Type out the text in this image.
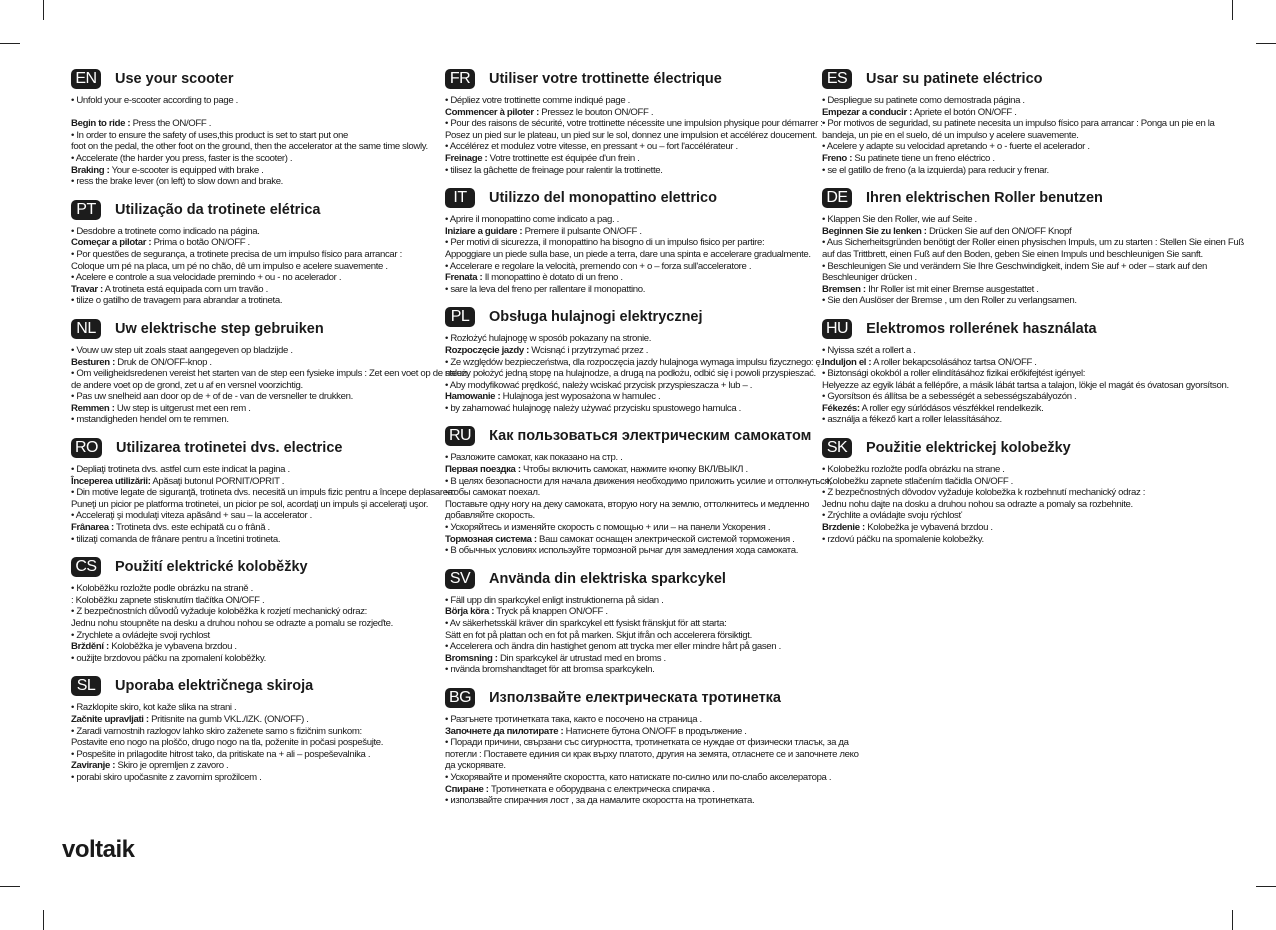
EN	Use your scooter
• Unfold your e-scooter according to page .
Begin to ride : Press the ON/OFF .
• In order to ensure the safety of uses,this product is set to start put one
foot on the pedal, the other foot on the ground, then the accelerator at the same time slowly.
• Accelerate (the harder you press, faster is the scooter) .
Braking : Your e-scooter is equipped with brake .
• ress the brake lever (on left) to slow down and brake.
PT	Utilização da trotinete elétrica
• Desdobre a trotinete como indicado na página.
Começar a pilotar : Prima o botão ON/OFF .
• Por questões de segurança, a trotinete precisa de um impulso físico para arrancar :
Coloque um pé na placa, um pé no chão, dê um impulso e acelere suavemente .
• Acelere e controle a sua velocidade premindo + ou - no acelerador .
Travar : A trotineta está equipada com um travão .
• tilize o gatilho de travagem para abrandar a trotineta.
NL	Uw elektrische step gebruiken
• Vouw uw step uit zoals staat aangegeven op bladzijde .
Besturen : Druk de ON/OFF-knop .
• Om veiligheidsredenen vereist het starten van de step een fysieke impuls : Zet een voet op de steun,
de andere voet op de grond, zet u af en versnel voorzichtig.
• Pas uw snelheid aan door op de + of de - van de versneller te drukken.
Remmen : Uw step is uitgerust met een rem .
• mstandigheden hendel om te remmen.
RO Utilizarea trotinetei dvs. electrice
• Depliaţi trotineta dvs. astfel cum este indicat la pagina .
Începerea utilizării: Apăsaţi butonul PORNIT/OPRIT .
• Din motive legate de siguranţă, trotineta dvs. necesită un impuls fizic pentru a începe deplasarea:
Puneţi un picior pe platforma trotinetei, un picior pe sol, acordaţi un impuls şi acceleraţi uşor.
• Acceleraţi şi modulaţi viteza apăsând + sau – la accelerator .
Frânarea : Trotineta dvs. este echipată cu o frână .
• tilizaţi comanda de frânare pentru a încetini trotineta.
CS	Použití elektrické koloběžky
• Koloběžku rozložte podle obrázku na straně .
: Koloběžku zapnete stisknutím tlačítka ON/OFF .
• Z bezpečnostních důvodů vyžaduje koloběžka k rozjetí mechanický odraz:
Jednu nohu stoupněte na desku a druhou nohou se odrazte a pomalu se rozjeďte.
• Zrychlete a ovládejte svoji rychlost
Brždění : Koloběžka je vybavena brzdou .
• oužijte brzdovou páčku na zpomalení koloběžky.
SL	Uporaba električnega skiroja
• Razklopite skiro, kot kaže slika na strani .
Začnite upravljati : Pritisnite na gumb VKL./IZK. (ON/OFF) .
• Zaradi varnostnih razlogov lahko skiro zaženete samo s fizičnim sunkom:
Postavite eno nogo na ploščo, drugo nogo na tla, poženite in počasi pospešujte.
• Pospešite in prilagodite hitrost tako, da pritiskate na + ali – pospeševalnika .
Zaviranje : Skiro je opremljen z zavoro .
• porabi skiro upočasnite z zavornim sprožilcem .
FR	Utiliser votre trottinette électrique
• Dépliez votre trottinette comme indiqué page .
Commencer à piloter : Pressez le bouton ON/OFF .
• Pour des raisons de sécurité, votre trottinette nécessite une impulsion physique pour démarrer :
Posez un pied sur le plateau, un pied sur le sol, donnez une impulsion et accélérez doucement.
• Accélérez et modulez votre vitesse, en pressant + ou – fort l'accélérateur .
Freinage : Votre trottinette est équipée d'un frein .
• tilisez la gâchette de freinage pour ralentir la trottinette.
IT	Utilizzo del monopattino elettrico
• Aprire il monopattino come indicato a pag. .
Iniziare a guidare : Premere il pulsante ON/OFF .
• Per motivi di sicurezza, il monopattino ha bisogno di un impulso fisico per partire:
Appoggiare un piede sulla base, un piede a terra, dare una spinta e accelerare gradualmente.
• Accelerare e regolare la velocità, premendo con + o – forza sull'acceleratore .
Frenata : Il monopattino è dotato di un freno .
• sare la leva del freno per rallentare il monopattino.
PL	Obsługa hulajnogi elektrycznej
• Rozłożyć hulajnogę w sposób pokazany na stronie.
Rozpoczęcie jazdy : Wcisnąć i przytrzymać przez .
• Ze względów bezpieczeństwa, dla rozpoczęcia jazdy hulajnoga wymaga impulsu fizycznego: ę.
należy położyć jedną stopę na hulajnodze, a drugą na podłożu, odbić się i powoli przyspieszać.
• Aby modyfikować prędkość, należy wciskać przycisk przyspieszacza + lub – .
Hamowanie : Hulajnoga jest wyposażona w hamulec .
• by zahamować hulajnogę należy używać przycisku spustowego hamulca .
RU Как пользоваться электрическим самокатом
• Разложите самокат, как показано на стр. .
Первая поездка : Чтобы включить самокат, нажмите кнопку ВКЛ/ВЫКЛ .
• В целях безопасности для начала движения необходимо приложить усилие и оттолкнуться,
чтобы самокат поехал.
Поставьте одну ногу на деку самоката, вторую ногу на землю, оттолкнитесь и медленно
добавляйте скорость.
• Ускоряйтесь и изменяйте скорость с помощью + или – на панели Ускорения .
Тормозная система : Ваш самокат оснащен электрической системой торможения .
• В обычных условиях используйте тормозной рычаг для замедления хода самоката.
SV	Använda din elektriska sparkcykel
• Fäll upp din sparkcykel enligt instruktionerna på sidan .
Börja köra : Tryck på knappen ON/OFF .
• Av säkerhetsskäl kräver din sparkcykel ett fysiskt fränskjut för att starta:
Sätt en fot på plattan och en fot på marken. Skjut ifrån och accelerera försiktigt.
• Accelerera och ändra din hastighet genom att trycka mer eller mindre hårt på gasen .
Bromsning : Din sparkcykel är utrustad med en broms .
• nvända bromshandtaget för att bromsa sparkcykeln.
BG Използвайте електрическата тротинетка
• Разгънете тротинетката така, както е посочено на страница .
Започнете да пилотирате : Натиснете бутона ON/OFF в продължение .
• Поради причини, свързани със сигурността, тротинетката се нуждае от физически тласък, за да
потегли : Поставете единия си крак върху платото, другия на земята, отласнете се и започнете леко
да ускорявате.
• Ускорявайте и променяйте скоростта, като натискате по-силно или по-слабо акселератора .
Спиране : Тротинетката е оборудвана с електрическа спирачка .
• използвайте спирачния лост , за да намалите скоростта на тротинетката.
ES	Usar su patinete eléctrico
• Despliegue su patinete como demostrada página .
Empezar a conducir : Apriete el botón ON/OFF .
• Por motivos de seguridad, su patinete necesita un impulso físico para arrancar : Ponga un pie en la
bandeja, un pie en el suelo, dé un impulso y acelere suavemente.
• Acelere y adapte su velocidad apretando + o - fuerte el acelerador .
Freno : Su patinete tiene un freno eléctrico .
• se el gatillo de freno (a la izquierda) para reducir y frenar.
DE	Ihren elektrischen Roller benutzen
• Klappen Sie den Roller, wie auf Seite .
Beginnen Sie zu lenken : Drücken Sie auf den ON/OFF Knopf
• Aus Sicherheitsgründen benötigt der Roller einen physischen Impuls, um zu starten : Stellen Sie einen Fuß
auf das Trittbrett, einen Fuß auf den Boden, geben Sie einen Impuls und beschleunigen Sie sanft.
• Beschleunigen Sie und verändern Sie Ihre Geschwindigkeit, indem Sie auf + oder – stark auf den
Beschleuniger drücken .
Bremsen : Ihr Roller ist mit einer Bremse ausgestattet .
• Sie den Auslöser der Bremse , um den Roller zu verlangsamen.
HU Elektromos rollerének használata
• Nyissa szét a rollert a .
Induljon el : A roller bekapcsolásához tartsa ON/OFF .
• Biztonsági okokból a roller elindításához fizikai erőkifejtést igényel:
Helyezze az egyik lábát a fellépőre, a másik lábát tartsa a talajon, lökje el magát és óvatosan gyorsítson.
• Gyorsítson és állítsa be a sebességét a sebességszabályozón .
Fékezés: A roller egy súrlódásos vészfékkel rendelkezik.
• asználja a fékező kart a roller lelassításához.
SK	Použitie elektrickej kolobežky
• Kolobežku rozložte podľa obrázku na strane .
: Kolobežku zapnete stlačením tlačidla ON/OFF .
• Z bezpečnostných dôvodov vyžaduje kolobežka k rozbehnutí mechanický odraz :
Jednu nohu dajte na dosku a druhou nohou sa odrazte a pomaly sa rozbehnite.
• Zrýchlite a ovládajte svoju rýchlosť
Brzdenie : Kolobežka je vybavená brzdou .
• rzdovú páčku na spomalenie kolobežky.
voltaik
